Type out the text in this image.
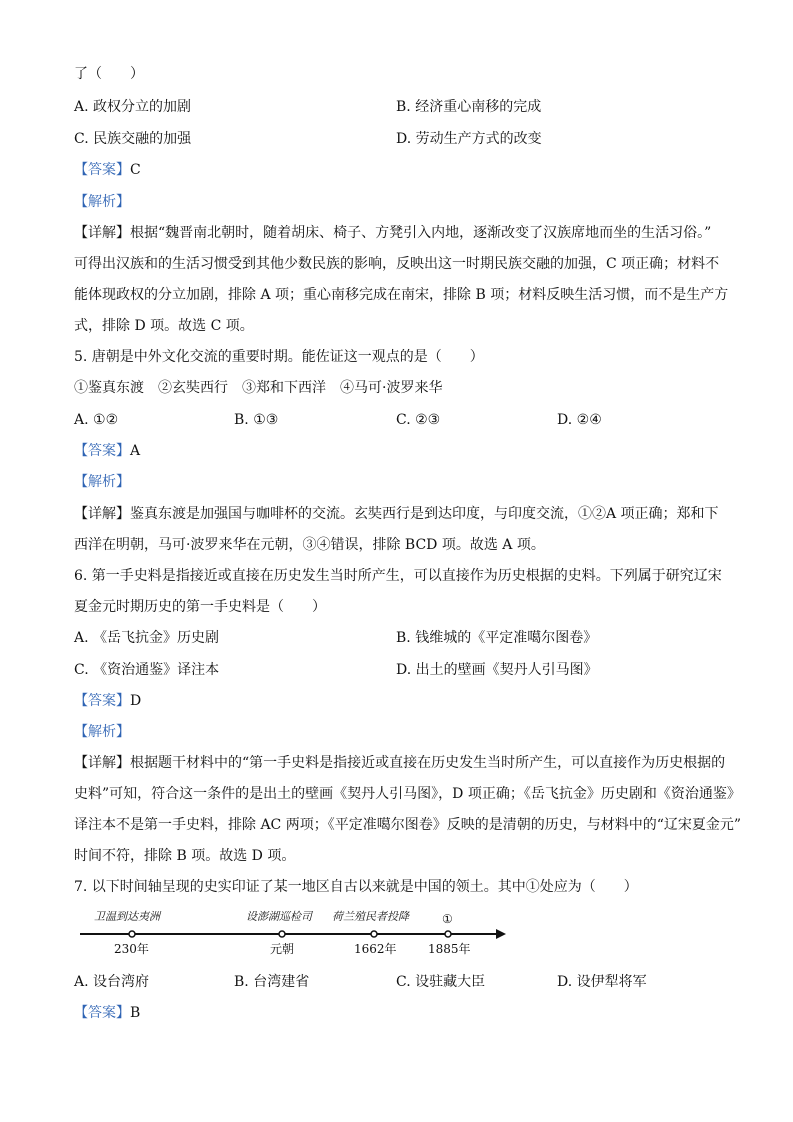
了（　　）
A. 政权分立的加剧	B. 经济重心南移的完成
C. 民族交融的加强	D. 劳动生产方式的改变
【答案】C
【解析】
【详解】根据“魏晋南北朝时，随着胡床、椅子、方凳引入内地，逐渐改变了汉族席地而坐的生活习俗。”
可得出汉族和的生活习惯受到其他少数民族的影响，反映出这一时期民族交融的加强，C 项正确；材料不
能体现政权的分立加剧，排除 A 项；重心南移完成在南宋，排除 B 项；材料反映生活习惯，而不是生产方
式，排除 D 项。故选 C 项。
5. 唐朝是中外文化交流的重要时期。能佐证这一观点的是（　　）
①鉴真东渡　②玄奘西行　③郑和下西洋　④马可·波罗来华
A. ①②	B. ①③	C. ②③	D. ②④
【答案】A
【解析】
【详解】鉴真东渡是加强国与咖啡杯的交流。玄奘西行是到达印度，与印度交流，①②A 项正确；郑和下
西洋在明朝，马可·波罗来华在元朝，③④错误，排除 BCD 项。故选 A 项。
6. 第一手史料是指接近或直接在历史发生当时所产生，可以直接作为历史根据的史料。下列属于研究辽宋
夏金元时期历史的第一手史料是（　　）
A. 《岳飞抗金》历史剧	B. 钱维城的《平定准噶尔图卷》
C. 《资治通鉴》译注本	D. 出土的壁画《契丹人引马图》
【答案】D
【解析】
【详解】根据题干材料中的“第一手史料是指接近或直接在历史发生当时所产生，可以直接作为历史根据的
史料”可知，符合这一条件的是出土的壁画《契丹人引马图》，D 项正确；《岳飞抗金》历史剧和《资治通鉴》
译注本不是第一手史料，排除 AC 两项；《平定准噶尔图卷》反映的是清朝的历史，与材料中的“辽宋夏金元”
时间不符，排除 B 项。故选 D 项。
7. 以下时间轴呈现的史实印证了某一地区自古以来就是中国的领土。其中①处应为（　　）
卫温到达夷洲
230年
设澎湖巡检司
元朝
荷兰殖民者投降
1662年
①
1885年
A. 设台湾府	B. 台湾建省	C. 设驻藏大臣	D. 设伊犁将军
【答案】B
